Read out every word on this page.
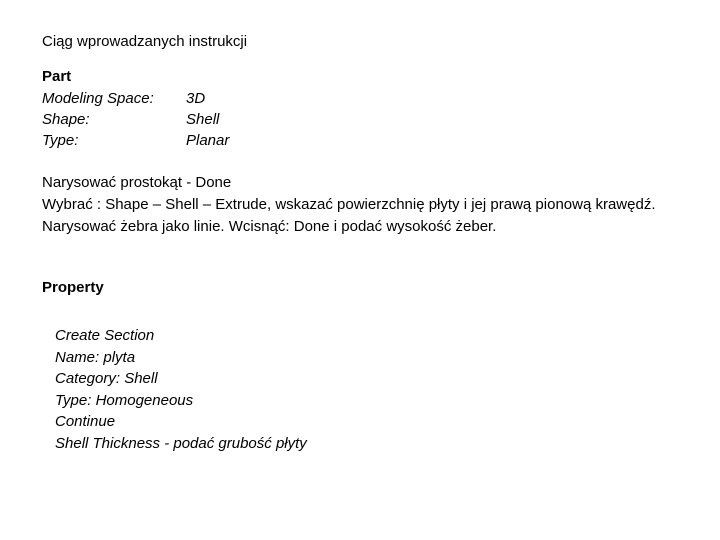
Ciąg wprowadzanych instrukcji
Part
Modeling Space: 3D
Shape:	Shell
Type:	Planar
Narysować prostokąt - Done
Wybrać : Shape – Shell – Extrude, wskazać powierzchnię płyty i jej prawą pionową krawędź.
Narysować żebra jako linie. Wcisnąć: Done i podać wysokość żeber.
Property
Create Section
Name: plyta
Category: Shell
Type: Homogeneous
Continue
Shell Thickness - podać grubość płyty
